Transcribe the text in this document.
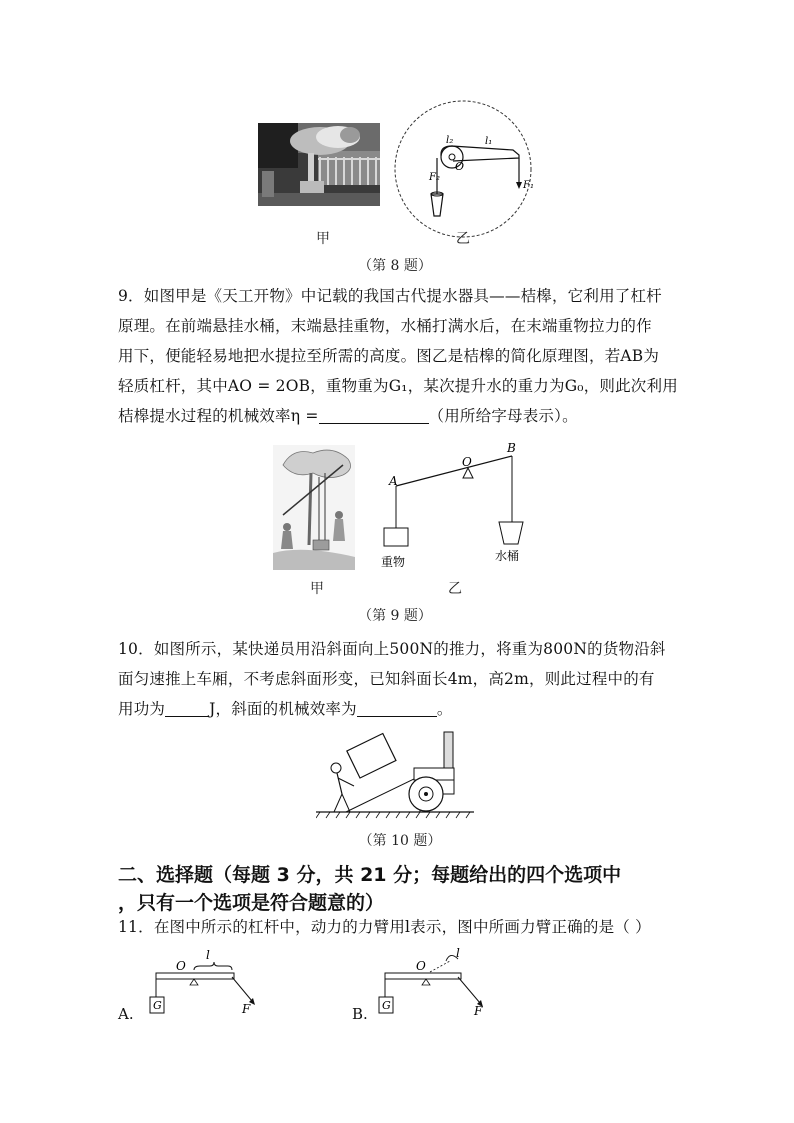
l₂	l₁
O
F₂
F₁
甲	乙
（第 8 题）
9．如图甲是《天工开物》中记载的我国古代提水器具——桔槔，它利用了杠杆
原理。在前端悬挂水桶，末端悬挂重物，水桶打满水后，在末端重物拉力的作
用下，便能轻易地把水提拉至所需的高度。图乙是桔槔的简化原理图，若AB为
轻质杠杆，其中AO = 2OB，重物重为G₁，某次提升水的重力为G₀，则此次利用
桔槔提水过程的机械效率η =	（用所给字母表示）。
A
O
B
重物	水桶
甲	乙
（第 9 题）
10．如图所示，某快递员用沿斜面向上500N的推力，将重为800N的货物沿斜
面匀速推上车厢，不考虑斜面形变，已知斜面长4m，高2m，则此过程中的有
用功为	J，斜面的机械效率为	。
（第 10 题）
二、选择题（每题 3 分，共 21 分；每题给出的四个选项中
，只有一个选项是符合题意的）
11．在图中所示的杠杆中，动力的力臂用l表示，图中所画力臂正确的是（ ）
O
l
G	F
A.
O
l
G	F
B.
